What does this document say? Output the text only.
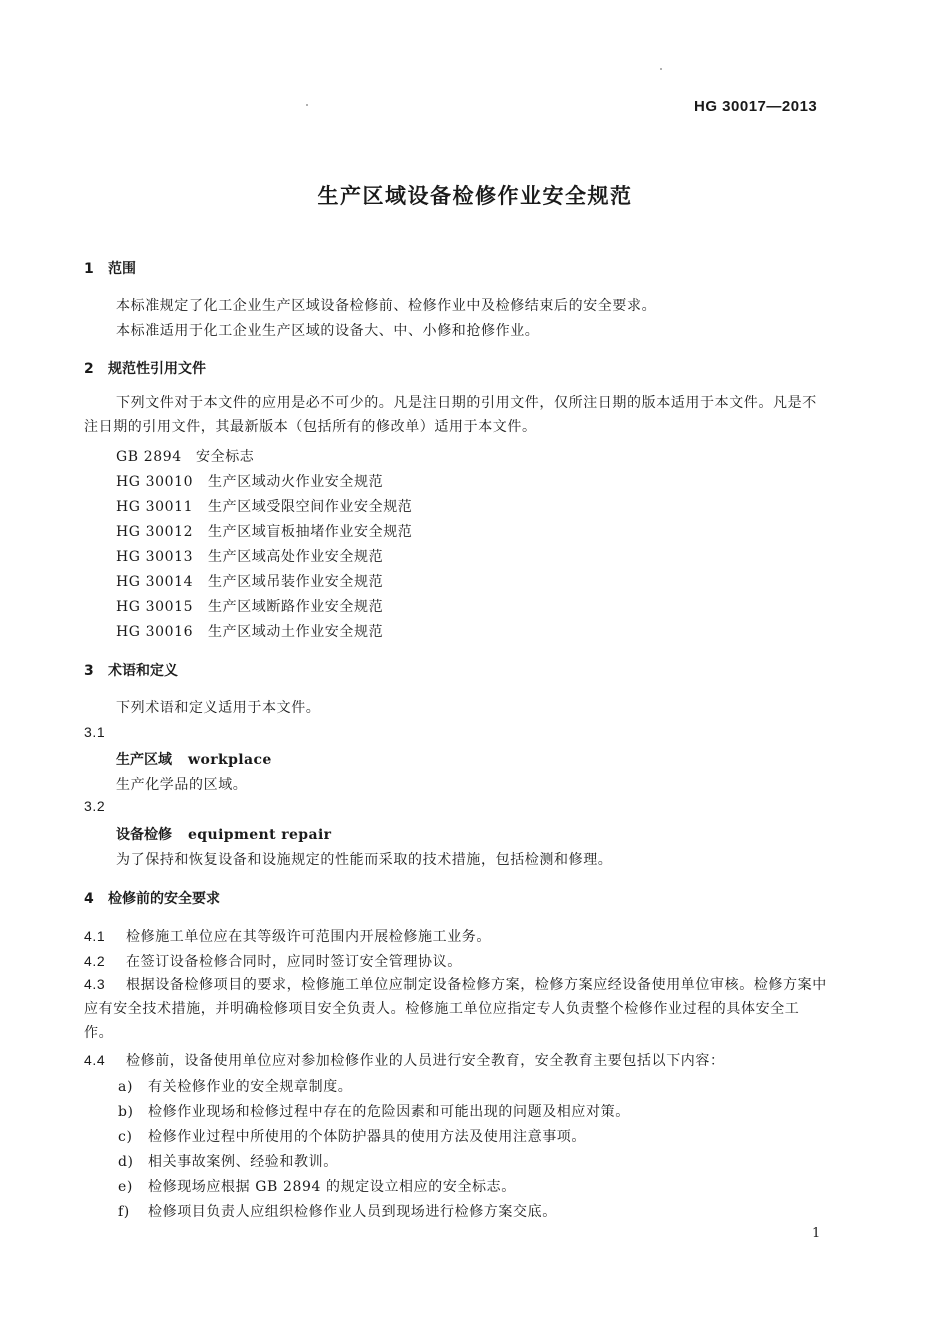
HG 30017—2013
生产区域设备检修作业安全规范
1 范围
本标准规定了化工企业生产区域设备检修前、检修作业中及检修结束后的安全要求。
本标准适用于化工企业生产区域的设备大、中、小修和抢修作业。
2 规范性引用文件
下列文件对于本文件的应用是必不可少的。凡是注日期的引用文件，仅所注日期的版本适用于本文件。凡是不注日期的引用文件，其最新版本（包括所有的修改单）适用于本文件。
GB 2894 安全标志
HG 30010 生产区域动火作业安全规范
HG 30011 生产区域受限空间作业安全规范
HG 30012 生产区域盲板抽堵作业安全规范
HG 30013 生产区域高处作业安全规范
HG 30014 生产区域吊装作业安全规范
HG 30015 生产区域断路作业安全规范
HG 30016 生产区域动土作业安全规范
3 术语和定义
下列术语和定义适用于本文件。
3.1
生产区域 workplace
生产化学品的区域。
3.2
设备检修 equipment repair
为了保持和恢复设备和设施规定的性能而采取的技术措施，包括检测和修理。
4 检修前的安全要求
4.1 检修施工单位应在其等级许可范围内开展检修施工业务。
4.2 在签订设备检修合同时，应同时签订安全管理协议。
4.3 根据设备检修项目的要求，检修施工单位应制定设备检修方案，检修方案应经设备使用单位审核。检修方案中应有安全技术措施，并明确检修项目安全负责人。检修施工单位应指定专人负责整个检修作业过程的具体安全工作。
4.4 检修前，设备使用单位应对参加检修作业的人员进行安全教育，安全教育主要包括以下内容：
a) 有关检修作业的安全规章制度。
b) 检修作业现场和检修过程中存在的危险因素和可能出现的问题及相应对策。
c) 检修作业过程中所使用的个体防护器具的使用方法及使用注意事项。
d) 相关事故案例、经验和教训。
e) 检修现场应根据 GB 2894 的规定设立相应的安全标志。
f) 检修项目负责人应组织检修作业人员到现场进行检修方案交底。
1
